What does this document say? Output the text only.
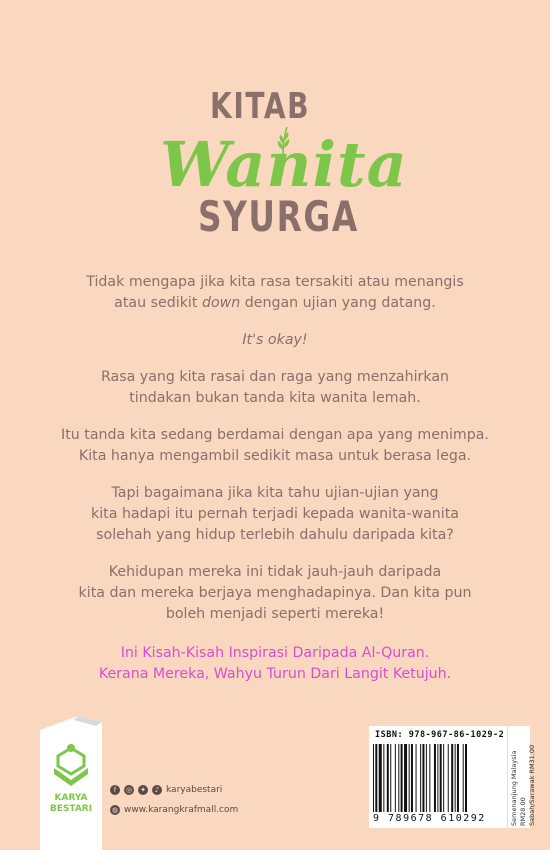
KITAB
Wanita
SYURGA

Tidak mengapa jika kita rasa tersakiti atau menangis
atau sedikit down dengan ujian yang datang.

It's okay!

Rasa yang kita rasai dan raga yang menzahirkan
tindakan bukan tanda kita wanita lemah.

Itu tanda kita sedang berdamai dengan apa yang menimpa.
Kita hanya mengambil sedikit masa untuk berasa lega.

Tapi bagaimana jika kita tahu ujian-ujian yang
kita hadapi itu pernah terjadi kepada wanita-wanita
solehah yang hidup terlebih dahulu daripada kita?

Kehidupan mereka ini tidak jauh-jauh daripada
kita dan mereka berjaya menghadapinya. Dan kita pun
boleh menjadi seperti mereka!

Ini Kisah-Kisah Inspirasi Daripada Al-Quran.
Kerana Mereka, Wahyu Turun Dari Langit Ketujuh.

KARYA
BESTARI
f	◎ ✦	♪ karyabestari
◍ www.karangkrafmall.com
ISBN: 978-967-86-1029-2
9 789678 610292	Semenanjung Malaysia RM28.00
Sabah/Sarawak RM31.00
